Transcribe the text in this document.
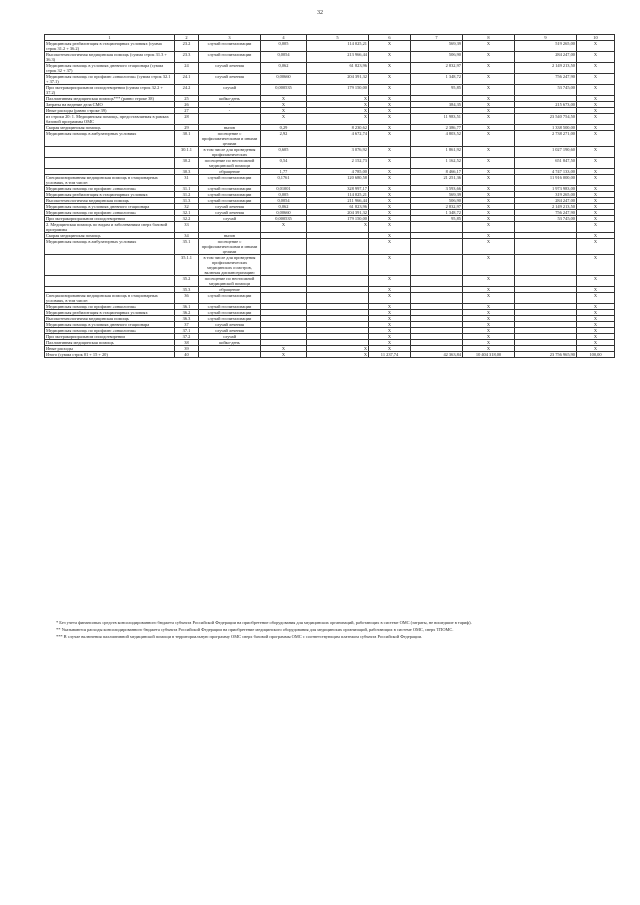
32
1	2	3	4	5	6	7	8	9	10
Медицинская реабилитация в стационарных условиях (сумма строк 31.2 + 36.2)	23.2	случай госпитализации	0,005	114 025,21	X	569,39	X	519 265,00	X
Высокотехнологичная медицинская помощь (сумма строк 31.3 + 36.3)	23.3	случай госпитализации	0,0054	213 966,44	X	506,90	X	284 247,00	X
Медицинская помощь в условиях дневного стационара (сумма строк 32 + 37)	24	случай лечения	0,062	61 823,96	X	2 832,97	X	2 149 213,50	X
Медицинская помощь по профилю «онкология» (сумма строк 32.1 + 37.1)	24.1	случай лечения	0,00660	204 391,32	X	1 348,72	X	756 247,90	X
При экстракорпоральном оплодотворении (сумма строк 32.2 + 37.2)	24.2	случай	0,000535	179 150,00	X	95,85	X	53 745,00	X
Паллиативная медицинская помощь*** (равно строке 38)	25	койко-день	X	X	X		X		X
Затраты на ведение дела СМО	26	-	X	X	X	384,35	X	215 673,00	X
Иные расходы (равно строке 39)	27	-	X	X	X		X		X
из строки 20: 1. Медицинская помощь, предоставляемая в рамках базовой программы ОМС	28		X	X	X	11 983,51	X	23 540 754,50	X
Скорая медицинская помощь	29	вызов	0,29	8 230,62	X	2 386,77	X	1 338 500,00	X
Медицинская помощь в амбулаторных условиях	30.1	посещение с профилактическими и иными целями	2,92	4 672,74	X	4 803,52	X	2 738 271,00	X
	30.1.1	в том числе для проведения профилактических	0,605	3 076,92	X	1 861,92	X	1 027 190,60	X
	30.2	посещение по неотложной медицинской помощи	0,54	2 152,73	X	1 162,52	X	651 847,50	X
	30.3	обращение	1,77	4 785,00	X	8 466,17	X	4 747 133,00	X
Специализированная медицинская помощь в стационарных условиях, в том числе:	31	случай госпитализации	0,1761	120 680,58	X	21 251,36	X	11 916 000,00	X
Медицинская помощь по профилю «онкология»	31.1	случай госпитализации	0,01001	328 997,17	X	3 593,66	X	1 973 983,00	X
Медицинская реабилитация в стационарных условиях	31.2	случай госпитализации	0,005	114 025,21	X	569,39	X	319 265,00	X
Высокотехнологичная медицинская помощь	31.3	случай госпитализации	0,0054	211 966,44	X	506,90	X	284 247,00	X
Медицинская помощь в условиях дневного стационара	32	случай лечения	0,062	61 823,96	X	2 832,97	X	2 149 213,50	X
Медицинская помощь по профилю «онкология»	32.1	случай лечения	0,00660	204 391,32	X	1 348,72	X	756 247,90	X
При экстракорпоральном оплодотворении	32.2	случай	0,000535	179 150,00	X	95,85	X	53 745,00	X
2. Медицинская помощь по видам и заболеваниям сверх базовой программы	33		X	X	X		X		X
Скорая медицинская помощь	34	вызов			X		X		X
Медицинская помощь в амбулаторных условиях	35.1	посещение с профилактическими и иными целями			X		X		X
	35.1.1	в том числе для проведения профилактических медицинских осмотров, включая диспансеризацию			X		X		X
	35.2	посещение по неотложной медицинской помощи			X		X		X
	35.3	обращение			X		X		X
Специализированная медицинская помощь в стационарных условиях, в том числе:	36	случай госпитализации			X		X		X
Медицинская помощь по профилю «онкология»	36.1	случай госпитализации			X		X		X
Медицинская реабилитация в стационарных условиях	36.2	случай госпитализации			X		X		X
Высокотехнологичная медицинская помощь	36.3	случай госпитализации			X		X		X
Медицинская помощь в условиях дневного стационара	37	случай лечения			X		X		X
Медицинская помощь по профилю «онкология»	37.1	случай лечения			X		X		X
При экстракорпоральном оплодотворении	37.2	случай			X		X		X
Паллиативная медицинская помощь	38	койко-день			X		X		X
Иные расходы	39	-	X	X	X		X		X
Итого (сумма строк 01 + 15 + 20)	40		X	X	11 237,74	42 363,84	10 404 318,00	23 756 965,90	100,00

* Без учета финансовых средств консолидированного бюджета субъекта Российской Федерации на приобретение оборудования для медицинских организаций, работающих в системе ОМС (затраты, не вошедшие в тариф).

** Указываются расходы консолидированного бюджета субъекта Российской Федерации на приобретение медицинского оборудования для медицинских организаций, работающих в системе ОМС, сверх ТПОМС.

*** В случае включения паллиативной медицинской помощи в территориальную программу ОМС сверх базовой программы ОМС с соответствующим платежом субъекта Российской Федерации.
